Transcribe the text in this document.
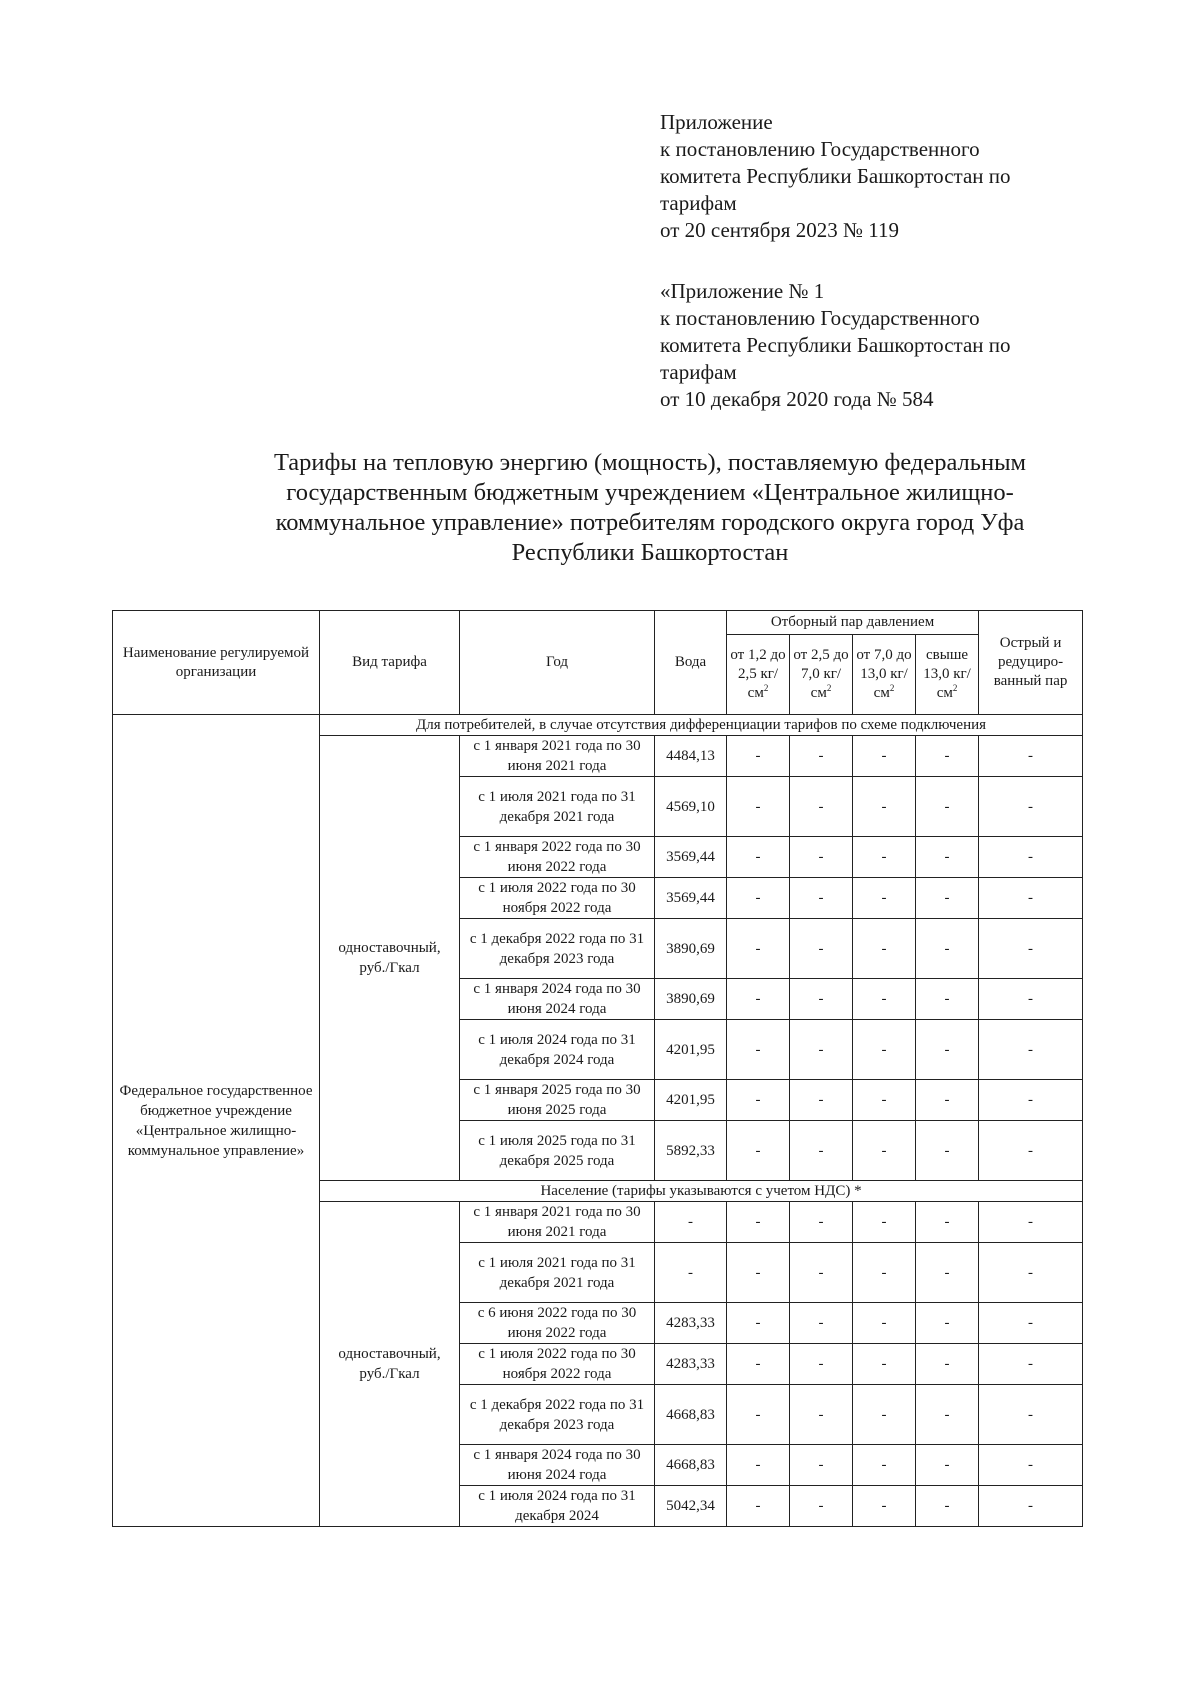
Приложение
к постановлению Государственного
комитета Республики Башкортостан по
тарифам
от 20 сентября 2023 № 119
«Приложение № 1
к постановлению Государственного
комитета Республики Башкортостан по
тарифам
от 10 декабря 2020 года № 584
Тарифы на тепловую энергию (мощность), поставляемую федеральным
государственным бюджетным учреждением «Центральное жилищно-
коммунальное управление» потребителям городского округа город Уфа
Республики Башкортостан
Наименование регулируемой организации	Вид тарифа	Год	Вода	Отборный пар давлением				Острый и редуциро-ванный пар
				от 1,2 до 2,5 $кг/см^2$	от 2,5 до 7,0 $кг/см^2$	от 7,0 до 13,0 $кг/см^2$	свыше 13,0 $кг/см^2$
Федеральное государственное бюджетное учреждение «Центральное жилищно-коммунальное управление»	Для потребителей, в случае отсутствия дифференциации тарифов по схеме подключения							
	одноставочный, руб./Гкал	с 1 января 2021 года по 30 июня 2021 года	4484,13	-	-	-	-	-
		с 1 июля 2021 года по 31 декабря 2021 года	4569,10	-	-	-	-	-
		с 1 января 2022 года по 30 июня 2022 года	3569,44	-	-	-	-	-
		с 1 июля 2022 года по 30 ноября 2022 года	3569,44	-	-	-	-	-
		с 1 декабря 2022 года по 31 декабря 2023 года	3890,69	-	-	-	-	-
		с 1 января 2024 года по 30 июня 2024 года	3890,69	-	-	-	-	-
		с 1 июля 2024 года по 31 декабря 2024 года	4201,95	-	-	-	-	-
		с 1 января 2025 года по 30 июня 2025 года	4201,95	-	-	-	-	-
		с 1 июля 2025 года по 31 декабря 2025 года	5892,33	-	-	-	-	-
	Население (тарифы указываются с учетом НДС) *							
	одноставочный, руб./Гкал	с 1 января 2021 года по 30 июня 2021 года	-	-	-	-	-	-
		с 1 июля 2021 года по 31 декабря 2021 года	-	-	-	-	-	-
		с 6 июня 2022 года по 30 июня 2022 года	4283,33	-	-	-	-	-
		с 1 июля 2022 года по 30 ноября 2022 года	4283,33	-	-	-	-	-
		с 1 декабря 2022 года по 31 декабря 2023 года	4668,83	-	-	-	-	-
		с 1 января 2024 года по 30 июня 2024 года	4668,83	-	-	-	-	-
		с 1 июля 2024 года по 31 декабря 2024	5042,34	-	-	-	-	-
